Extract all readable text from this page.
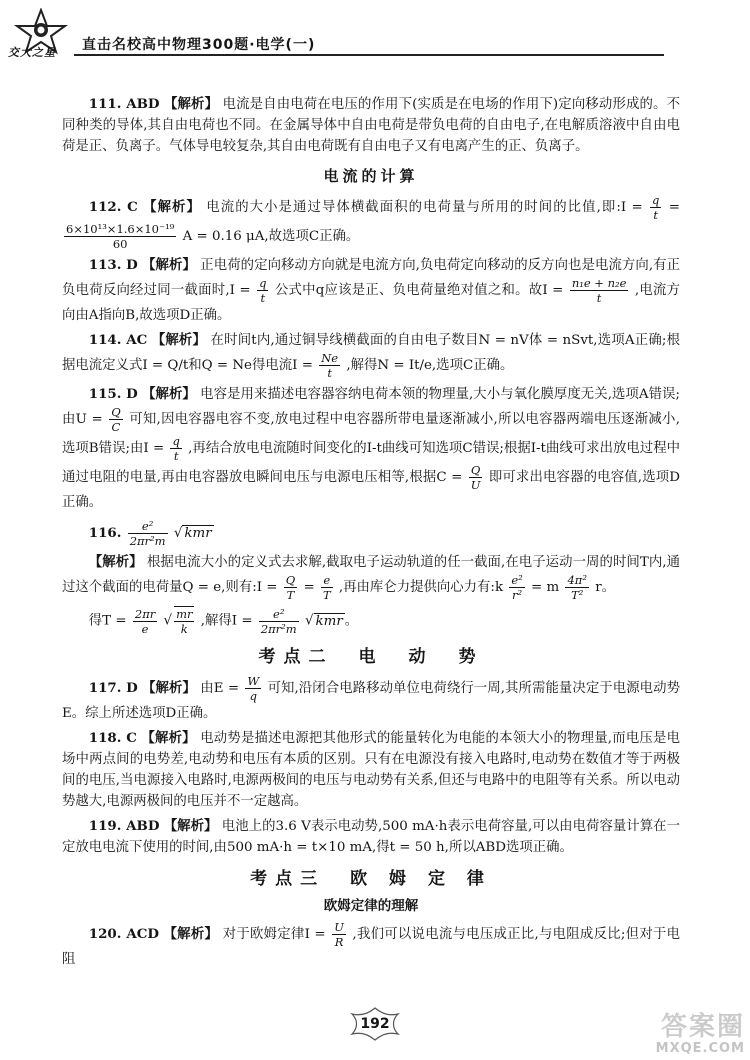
交大之星 直击名校高中物理300题·电学(一)

111. ABD 【解析】 电流是自由电荷在电压的作用下(实质是在电场的作用下)定向移动形成的。不同种类的导体,其自由电荷也不同。在金属导体中自由电荷是带负电荷的自由电子,在电解质溶液中自由电荷是正、负离子。气体导电较复杂,其自由电荷既有自由电子又有电离产生的正、负离子。

电流的计算

112. C 【解析】 电流的大小是通过导体横截面积的电荷量与所用的时间的比值,即:I = $\frac{q}{t}$ =
$\frac{\text{6×10¹³×1.6×10⁻¹⁹}}{60}$ A = 0.16 μA,故选项C正确。

113. D 【解析】 正电荷的定向移动方向就是电流方向,负电荷定向移动的反方向也是电流方向,有正负电荷反向经过同一截面时$,I = \frac{q}{t}$ 公式中q应该是正、负电荷量绝对值之和。故$I = \frac{\text{n₁e + n₂e}}{t}$ ,电流方向由A指向B,故选项D正确。

114. AC 【解析】 在时间t内,通过铜导线横截面的自由电子数目N = nV体 = nSvt,选项A正确;根据电流定义式I = Q/t和Q = Ne得电流$I = \frac{Ne}{t}$ ,解得N = It/e,选项C正确。

115. D 【解析】 电容是用来描述电容器容纳电荷本领的物理量,大小与氧化膜厚度无关,选项A错误;由$U = \frac{Q}{C}$ 可知,因电容器电容不变,放电过程中电容器所带电量逐渐减小,所以电容器两端电压逐渐减小,选项B错误;由$I = \frac{q}{t}$ ,再结合放电电流随时间变化的I-t曲线可知选项C错误;根据I-t曲线可求出放电过程中通过电阻的电量,再由电容器放电瞬间电压与电源电压相等,根据$C = \frac{Q}{U}$ 即可求出电容器的电容值,选项D正确。

116. $\frac{\text{e²}}{\text{2πr²m}}$ √ kmr

【解析】 根据电流大小的定义式去求解,截取电子运动轨道的任一截面,在电子运动一周的时间T内,通过这个截面的电荷量Q = e,则有:I = $\frac{Q}{T} = \frac{e}{T}$ ,再由库仑力提供向心力有:k $\frac{\text{e²}}{\text{r²}} = m \frac{\text{4π²}}{\text{T²}}$ r。

得$T = \frac{2\pi r}{e}$ √ $\frac{mr}{k}$ ,解得$I = \frac{\text{e²}}{\text{2πr²m}}$ √ kmr 。

考点二　电　动　势

117. D 【解析】 由$E = \frac{W}{q}$ 可知,沿闭合电路移动单位电荷绕行一周,其所需能量决定于电源电动势E。综上所述选项D正确。

118. C 【解析】 电动势是描述电源把其他形式的能量转化为电能的本领大小的物理量,而电压是电场中两点间的电势差,电动势和电压有本质的区别。只有在电源没有接入电路时,电动势在数值才等于两极间的电压,当电源接入电路时,电源两极间的电压与电动势有关系,但还与电路中的电阻等有关系。所以电动势越大,电源两极间的电压并不一定越高。

119. ABD 【解析】 电池上的3.6 V表示电动势,500 mA·h表示电荷容量,可以由电荷容量计算在一定放电电流下使用的时间,由500 mA·h = t×10 mA,得t = 50 h,所以ABD选项正确。

考点三　欧 姆 定 律
欧姆定律的理解

120. ACD 【解析】 对于欧姆定律$I = \frac{U}{R}$ ,我们可以说电流与电压成正比,与电阻成反比;但对于电阻

192	答案圈
MXQE.COM
